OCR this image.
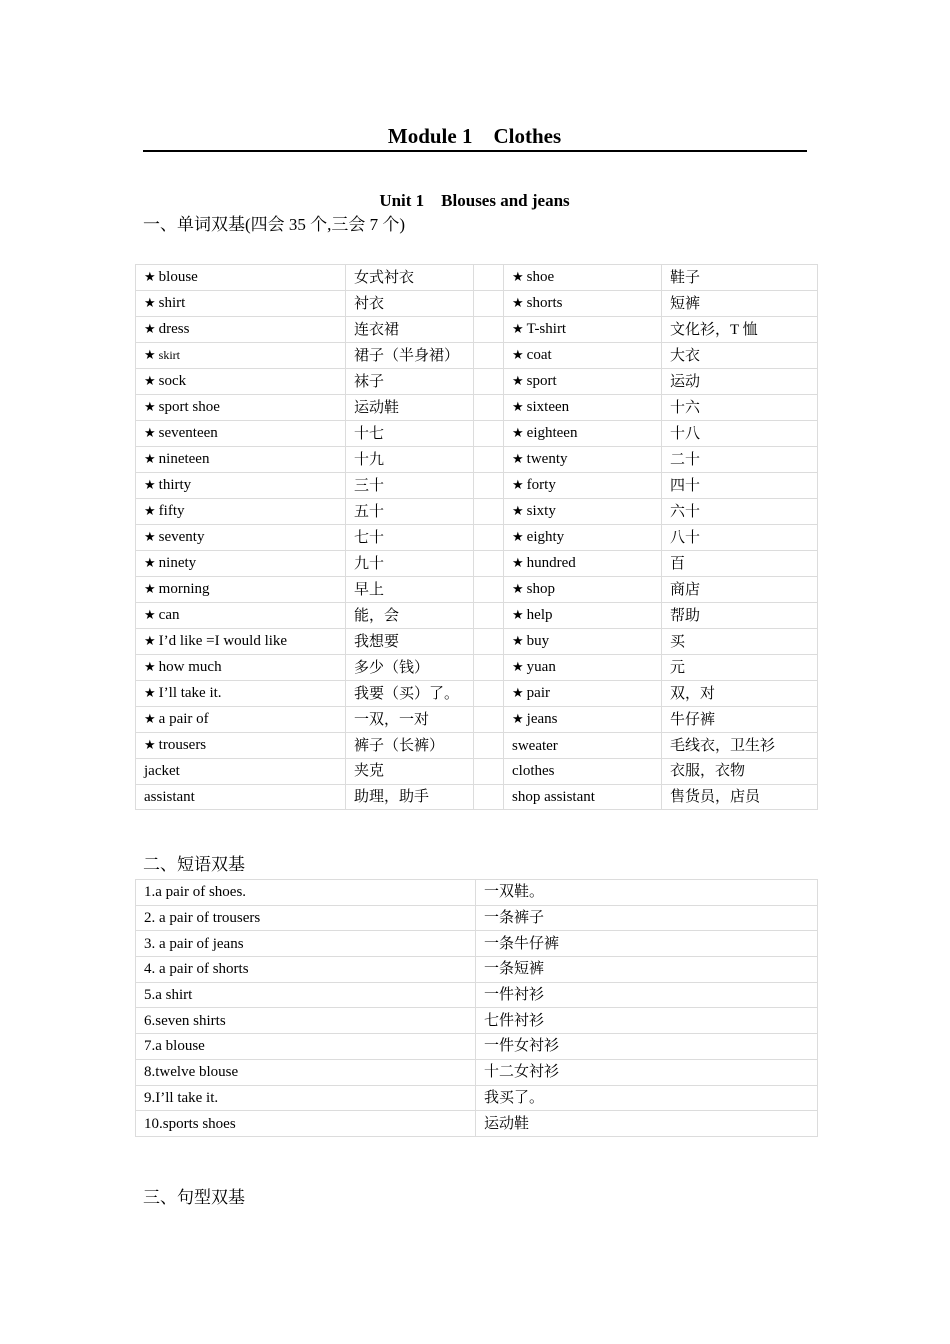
Module 1    Clothes
Unit 1    Blouses and jeans
一、单词双基(四会 35 个,三会 7 个)
★ blouse	女式衬衣		★ shoe	鞋子
★ shirt	衬衣		★ shorts	短裤
★ dress	连衣裙		★ T-shirt	文化衫，T 恤
★ skirt	裙子（半身裙）		★ coat	大衣
★ sock	袜子		★ sport	运动
★ sport shoe	运动鞋		★ sixteen	十六
★ seventeen	十七		★ eighteen	十八
★ nineteen	十九		★ twenty	二十
★ thirty	三十		★ forty	四十
★ fifty	五十		★ sixty	六十
★ seventy	七十		★ eighty	八十
★ ninety	九十		★ hundred	百
★ morning	早上		★ shop	商店
★ can	能，会		★ help	帮助
★ I’d like =I would like	我想要		★ buy	买
★ how much	多少（钱）		★ yuan	元
★ I’ll take it.	我要（买）了。		★ pair	双，对
★ a pair of	一双，一对		★ jeans	牛仔裤
★ trousers	裤子（长裤）		sweater	毛线衣，卫生衫
jacket	夹克		clothes	衣服，衣物
assistant	助理，助手		shop assistant	售货员，店员
二、短语双基
1.a pair of shoes.	一双鞋。
2. a pair of trousers	一条裤子
3. a pair of jeans	一条牛仔裤
4. a pair of shorts	一条短裤
5.a shirt	一件衬衫
6.seven shirts	七件衬衫
7.a blouse	一件女衬衫
8.twelve blouse	十二女衬衫
9.I’ll take it.	我买了。
10.sports shoes	运动鞋
三、句型双基
